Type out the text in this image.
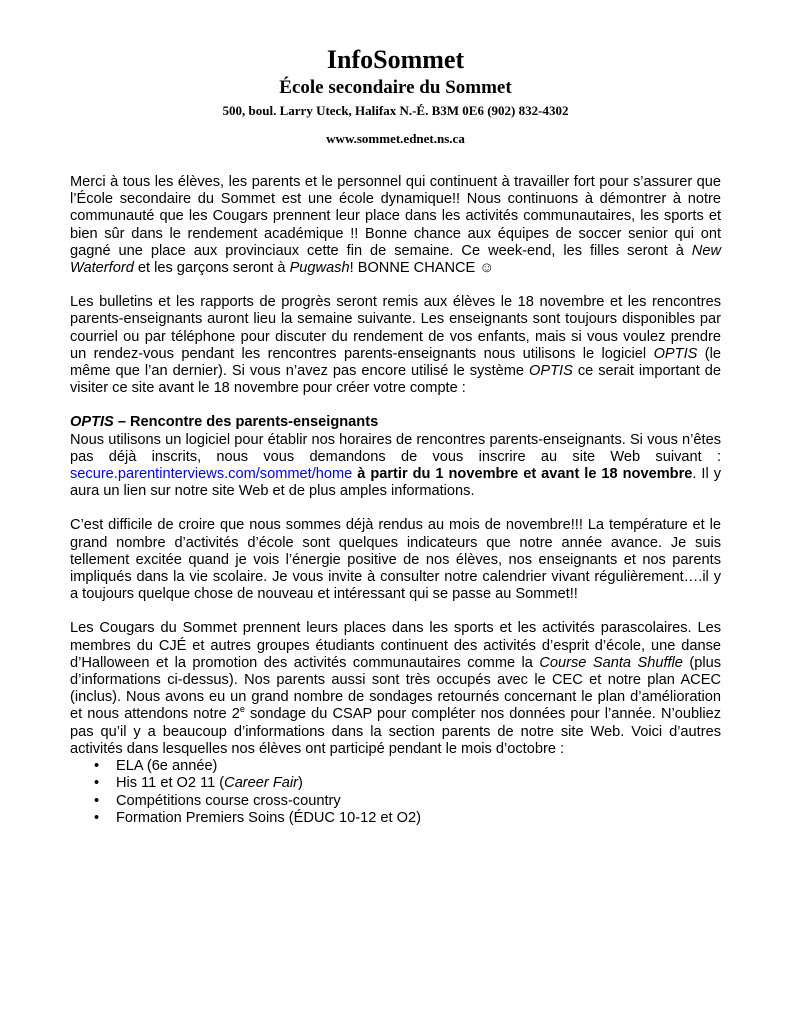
InfoSommet
École secondaire du Sommet
500, boul. Larry Uteck, Halifax N.-É. B3M 0E6 (902) 832-4302
www.sommet.ednet.ns.ca

Merci à tous les élèves, les parents et le personnel qui continuent à travailler fort pour s’assurer que l’École secondaire du Sommet est une école dynamique!! Nous continuons à démontrer à notre communauté que les Cougars prennent leur place dans les activités communautaires, les sports et bien sûr dans le rendement académique !! Bonne chance aux équipes de soccer senior qui ont gagné une place aux provinciaux cette fin de semaine. Ce week-end, les filles seront à New Waterford et les garçons seront à Pugwash! BONNE CHANCE ☺

Les bulletins et les rapports de progrès seront remis aux élèves le 18 novembre et les rencontres parents-enseignants auront lieu la semaine suivante. Les enseignants sont toujours disponibles par courriel ou par téléphone pour discuter du rendement de vos enfants, mais si vous voulez prendre un rendez-vous pendant les rencontres parents-enseignants nous utilisons le logiciel OPTIS (le même que l’an dernier). Si vous n’avez pas encore utilisé le système OPTIS ce serait important de visiter ce site avant le 18 novembre pour créer votre compte :

OPTIS – Rencontre des parents-enseignants

Nous utilisons un logiciel pour établir nos horaires de rencontres parents-enseignants. Si vous n’êtes pas déjà inscrits, nous vous demandons de vous inscrire au site Web suivant : secure.parentinterviews.com/sommet/home à partir du 1 novembre et avant le 18 novembre. Il y aura un lien sur notre site Web et de plus amples informations.

C’est difficile de croire que nous sommes déjà rendus au mois de novembre!!! La température et le grand nombre d’activités d’école sont quelques indicateurs que notre année avance. Je suis tellement excitée quand je vois l’énergie positive de nos élèves, nos enseignants et nos parents impliqués dans la vie scolaire. Je vous invite à consulter notre calendrier vivant régulièrement….il y a toujours quelque chose de nouveau et intéressant qui se passe au Sommet!!

Les Cougars du Sommet prennent leurs places dans les sports et les activités parascolaires. Les membres du CJÉ et autres groupes étudiants continuent des activités d’esprit d’école, une danse d’Halloween et la promotion des activités communautaires comme la Course Santa Shuffle (plus d’informations ci-dessus). Nos parents aussi sont très occupés avec le CEC et notre plan ACEC (inclus). Nous avons eu un grand nombre de sondages retournés concernant le plan d’amélioration et nous attendons notre 2e sondage du CSAP pour compléter nos données pour l’année. N’oubliez pas qu’il y a beaucoup d’informations dans la section parents de notre site Web. Voici d’autres activités dans lesquelles nos élèves ont participé pendant le mois d’octobre :

• ELA (6e année)
• His 11 et O2 11 (Career Fair)
• Compétitions course cross-country
• Formation Premiers Soins (ÉDUC 10-12 et O2)
